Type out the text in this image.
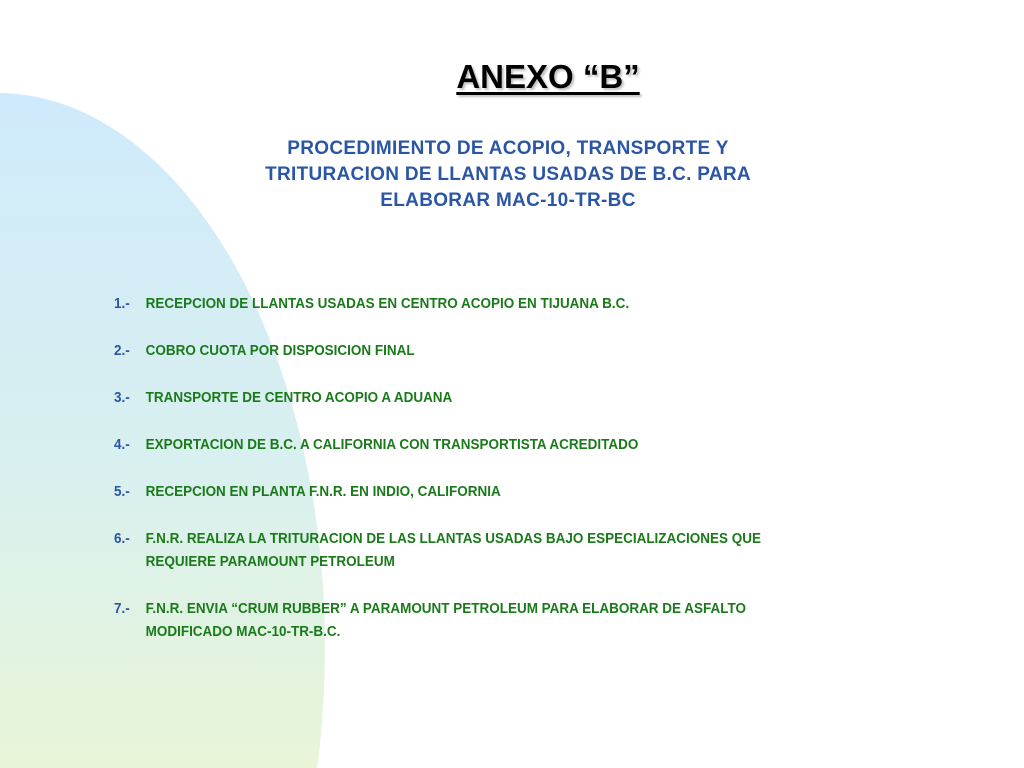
ANEXO “B”
PROCEDIMIENTO DE ACOPIO, TRANSPORTE Y
TRITURACION DE LLANTAS USADAS DE B.C. PARA
ELABORAR MAC-10-TR-BC
1.-	RECEPCION DE LLANTAS USADAS EN CENTRO ACOPIO EN TIJUANA B.C.
2.-	COBRO CUOTA POR DISPOSICION FINAL
3.-	TRANSPORTE DE CENTRO ACOPIO A ADUANA
4.-	EXPORTACION DE B.C. A CALIFORNIA CON TRANSPORTISTA ACREDITADO
5.-	RECEPCION EN PLANTA F.N.R. EN INDIO, CALIFORNIA
6.-	F.N.R. REALIZA LA TRITURACION DE LAS LLANTAS USADAS BAJO ESPECIALIZACIONES QUE
REQUIERE PARAMOUNT PETROLEUM
7.-	F.N.R. ENVIA “CRUM RUBBER” A PARAMOUNT PETROLEUM PARA ELABORAR DE ASFALTO
MODIFICADO MAC-10-TR-B.C.
